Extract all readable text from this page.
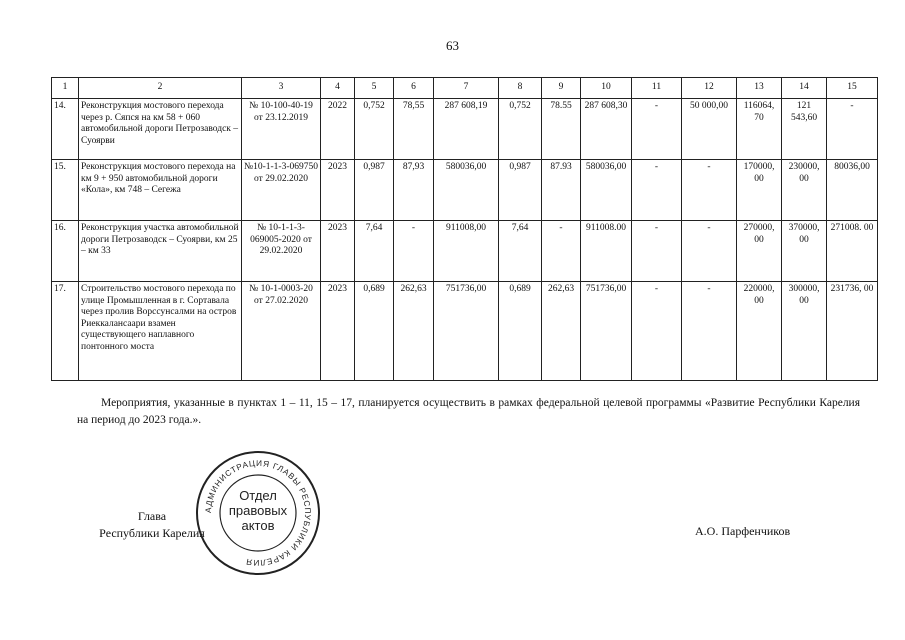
63
1	2	3	4	5	6	7	8	9	10	11	12	13	14	15
14.	Реконструкция мостового перехода через р. Сяпся на км 58 + 060 автомобильной дороги Петрозаводск – Суоярви	№ 10-100-40-19 от 23.12.2019	2022	0,752	78,55	287 608,19	0,752	78.55	287 608,30	-	50 000,00	116064, 70	121 543,60	-
15.	Реконструкция мостового перехода на км 9 + 950 автомобильной дороги «Кола», км 748 – Сегежа	№10-1-1-3-069750 от 29.02.2020	2023	0,987	87,93	580036,00	0,987	87.93	580036,00	-	-	170000, 00	230000, 00	80036,00
16.	Реконструкция участка автомобильной дороги Петрозаводск – Суоярви, км 25 – км 33	№ 10-1-1-3-069005-2020 от 29.02.2020	2023	7,64	-	911008,00	7,64	-	911008.00	-	-	270000, 00	370000, 00	271008. 00
17.	Строительство мостового перехода по улице Промышленная в г. Сортавала через пролив Ворссунсалми на остров Риеккалансаари взамен существующего наплавного понтонного моста	№ 10-1-0003-20 от 27.02.2020	2023	0,689	262,63	751736,00	0,689	262,63	751736,00	-	-	220000, 00	300000, 00	231736, 00
Мероприятия, указанные в пунктах 1 – 11, 15 – 17, планируется осуществить в рамках федеральной целевой программы «Развитие Республики Карелия на период до 2023 года.».
Глава
Республики Карелия
АДМИНИСТРАЦИЯ ГЛАВЫ РЕСПУБЛИКИ КАРЕЛИЯ
Отдел
правовых
актов	А.О. Парфенчиков
